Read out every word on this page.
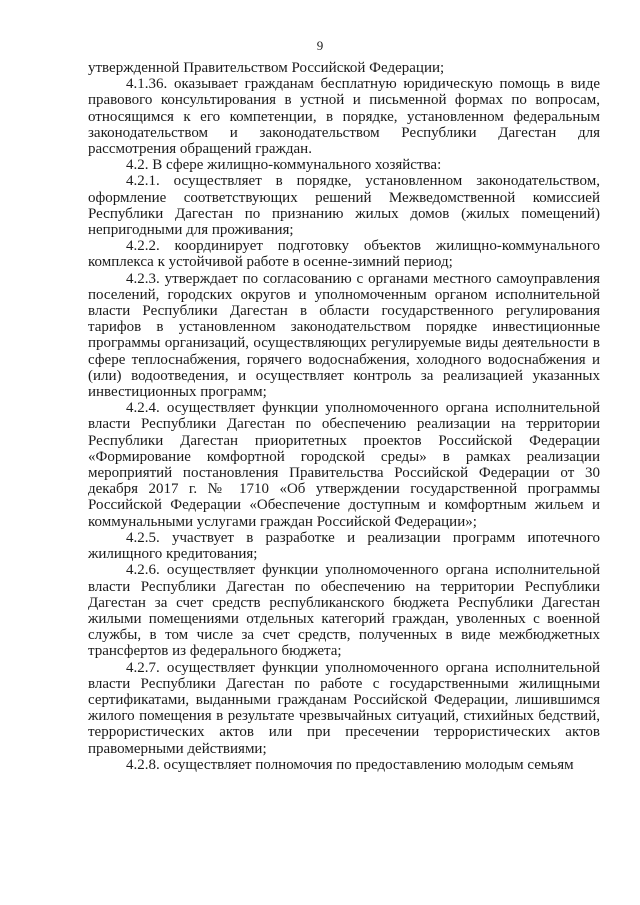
9

утвержденной Правительством Российской Федерации;

4.1.36. оказывает гражданам бесплатную юридическую помощь в виде правового консультирования в устной и письменной формах по вопросам, относящимся к его компетенции, в порядке, установленном федеральным законодательством и законодательством Республики Дагестан для рассмотрения обращений граждан.

4.2. В сфере жилищно-коммунального хозяйства:

4.2.1. осуществляет в порядке, установленном законодательством, оформление соответствующих решений Межведомственной комиссией Республики Дагестан по признанию жилых домов (жилых помещений) непригодными для проживания;

4.2.2. координирует подготовку объектов жилищно-коммунального комплекса к устойчивой работе в осенне-зимний период;

4.2.3. утверждает по согласованию с органами местного самоуправления поселений, городских округов и уполномоченным органом исполнительной власти Республики Дагестан в области государственного регулирования тарифов в установленном законодательством порядке инвестиционные программы организаций, осуществляющих регулируемые виды деятельности в сфере теплоснабжения, горячего водоснабжения, холодного водоснабжения и (или) водоотведения, и осуществляет контроль за реализацией указанных инвестиционных программ;

4.2.4. осуществляет функции уполномоченного органа исполнительной власти Республики Дагестан по обеспечению реализации на территории Республики Дагестан приоритетных проектов Российской Федерации «Формирование комфортной городской среды» в рамках реализации мероприятий постановления Правительства Российской Федерации от 30 декабря 2017 г. № 1710 «Об утверждении государственной программы Российской Федерации «Обеспечение доступным и комфортным жильем и коммунальными услугами граждан Российской Федерации»;

4.2.5. участвует в разработке и реализации программ ипотечного жилищного кредитования;

4.2.6. осуществляет функции уполномоченного органа исполнительной власти Республики Дагестан по обеспечению на территории Республики Дагестан за счет средств республиканского бюджета Республики Дагестан жилыми помещениями отдельных категорий граждан, уволенных с военной службы, в том числе за счет средств, полученных в виде межбюджетных трансфертов из федерального бюджета;

4.2.7. осуществляет функции уполномоченного органа исполнительной власти Республики Дагестан по работе с государственными жилищными сертификатами, выданными гражданам Российской Федерации, лишившимся жилого помещения в результате чрезвычайных ситуаций, стихийных бедствий, террористических актов или при пресечении террористических актов правомерными действиями;

4.2.8. осуществляет полномочия по предоставлению молодым семьям
